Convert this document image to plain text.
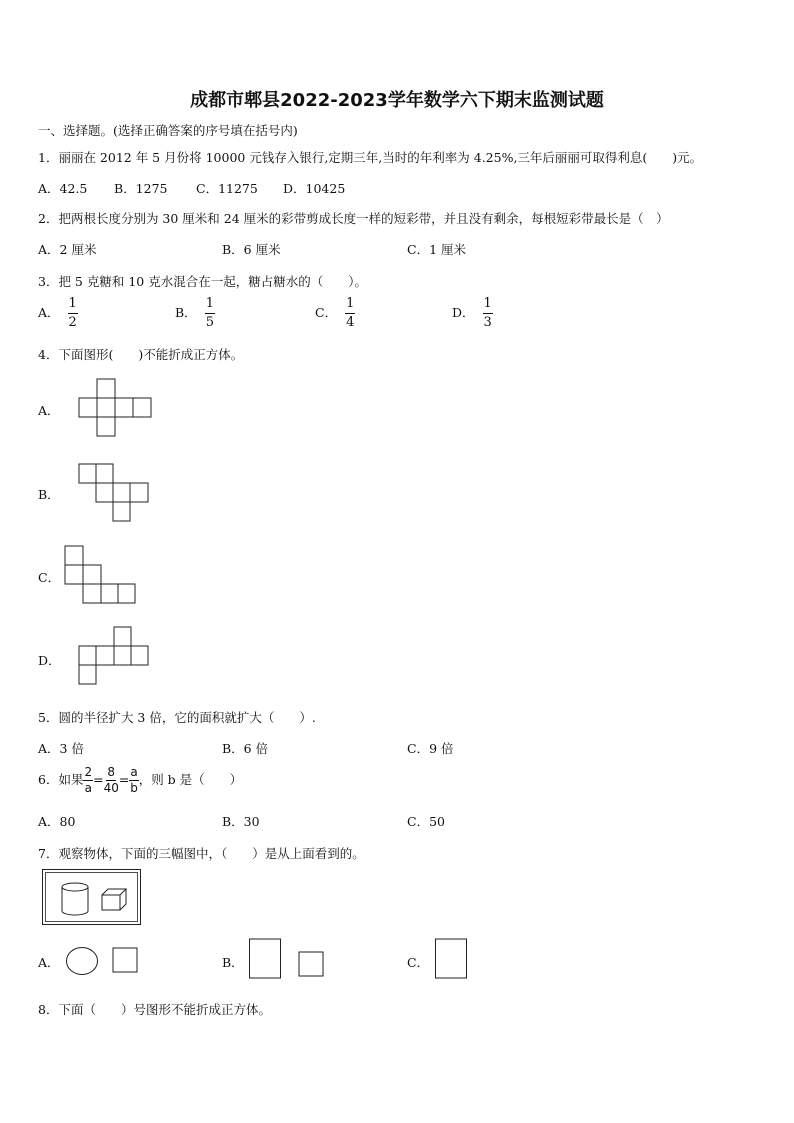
成都市郫县2022-2023学年数学六下期末监测试题
一、选择题。(选择正确答案的序号填在括号内)
1．丽丽在 2012 年 5 月份将 10000 元钱存入银行,定期三年,当时的年利率为 4.25%,三年后丽丽可取得利息(　　)元。
A．42.5 B．1275 C．11275 D．10425
2．把两根长度分别为 30 厘米和 24 厘米的彩带剪成长度一样的短彩带，并且没有剩余，每根短彩带最长是（　）
A．2 厘米	B．6 厘米	C．1 厘米
3．把 5 克糖和 10 克水混合在一起，糖占糖水的（　　）。
A． $\frac{1}{2}$	B． $\frac{1}{5}$	C． $\frac{1}{4}$	D． $\frac{1}{3}$
4．下面图形(　　)不能折成正方体。
A．
B．
C．
D．
5．圆的半径扩大 3 倍，它的面积就扩大（　　）.
A．3 倍	B．6 倍	C．9 倍
6．如果 $\frac{2}{a} = \frac{8}{40} = \frac{a}{b}$ ，则 b 是（　　）
A．80	B．30	C．50
7．观察物体，下面的三幅图中，（　　）是从上面看到的。
A．	B．	C．
8．下面（　　）号图形不能折成正方体。
